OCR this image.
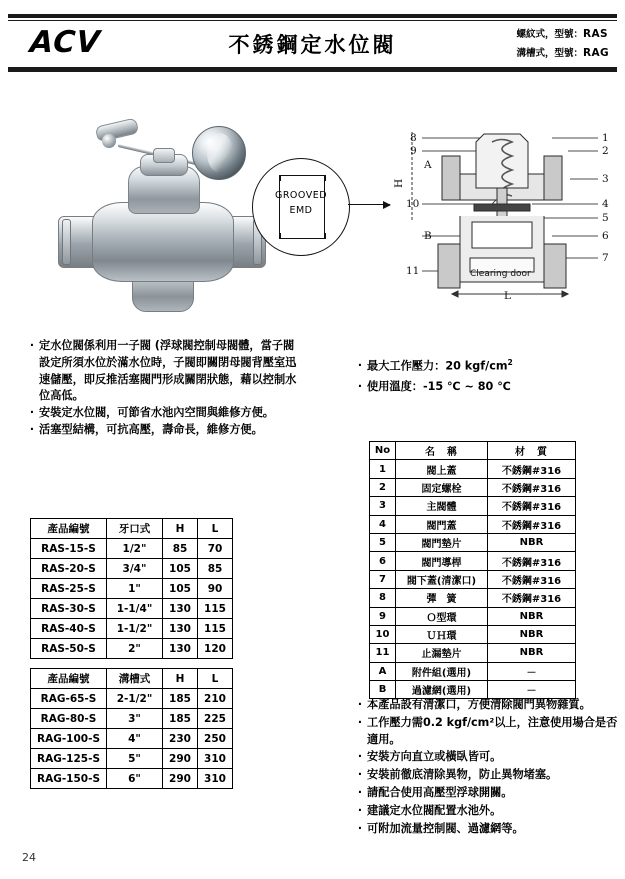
ACV	不銹鋼定水位閥	螺紋式，型號：RAS
溝槽式，型號：RAG
GROOVED
EMD
1
2
3
4
5
6
7
8
9
10
11
A
B
L
H
Clearing door
‧ 定水位閥係利用一子閥 (浮球閥控制母閥體，當子閥設定所須水位於滿水位時，子閥即關閉母閥背壓室迅速儲壓，即反推活塞閥門形成關閉狀態，藉以控制水位高低。
‧ 安裝定水位閥，可節省水池內空間與維修方便。
‧ 活塞型結構，可抗高壓，壽命長，維修方便。
‧ 最大工作壓力：20 kgf/$cm^2$
‧ 使用溫度：-15 ℃ ~ 80 ℃
產品編號	牙口式	H	L
RAS-15-S	1/2"	85	70
RAS-20-S	3/4"	105	85
RAS-25-S	1"	105	90
RAS-30-S	1-1/4"	130	115
RAS-40-S	1-1/2"	130	115
RAS-50-S	2"	130	120
產品編號	溝槽式	H	L
RAG-65-S	2-1/2"	185	210
RAG-80-S	3"	185	225
RAG-100-S	4"	230	250
RAG-125-S	5"	290	310
RAG-150-S	6"	290	310
No	名　稱	材　質
1	閥上蓋	不銹鋼#316
2	固定螺栓	不銹鋼#316
3	主閥體	不銹鋼#316
4	閥門蓋	不銹鋼#316
5	閥門墊片	NBR
6	閥門導桿	不銹鋼#316
7	閥下蓋(清潔口)	不銹鋼#316
8	彈　簧	不銹鋼#316
9	Ｏ型環	NBR
10	ＵＨ環	NBR
11	止漏墊片	NBR
A	附件組(選用)	－
B	過濾網(選用)	－
‧ 本產品設有清潔口，方便清除閥門異物雜質。
‧ 工作壓力需0.2 kgf/cm²以上，注意使用場合是否適用。
‧ 安裝方向直立或橫臥皆可。
‧ 安裝前徹底清除異物，防止異物堵塞。
‧ 請配合使用高壓型浮球開關。
‧ 建議定水位閥配置水池外。
‧ 可附加流量控制閥、過濾網等。
24
